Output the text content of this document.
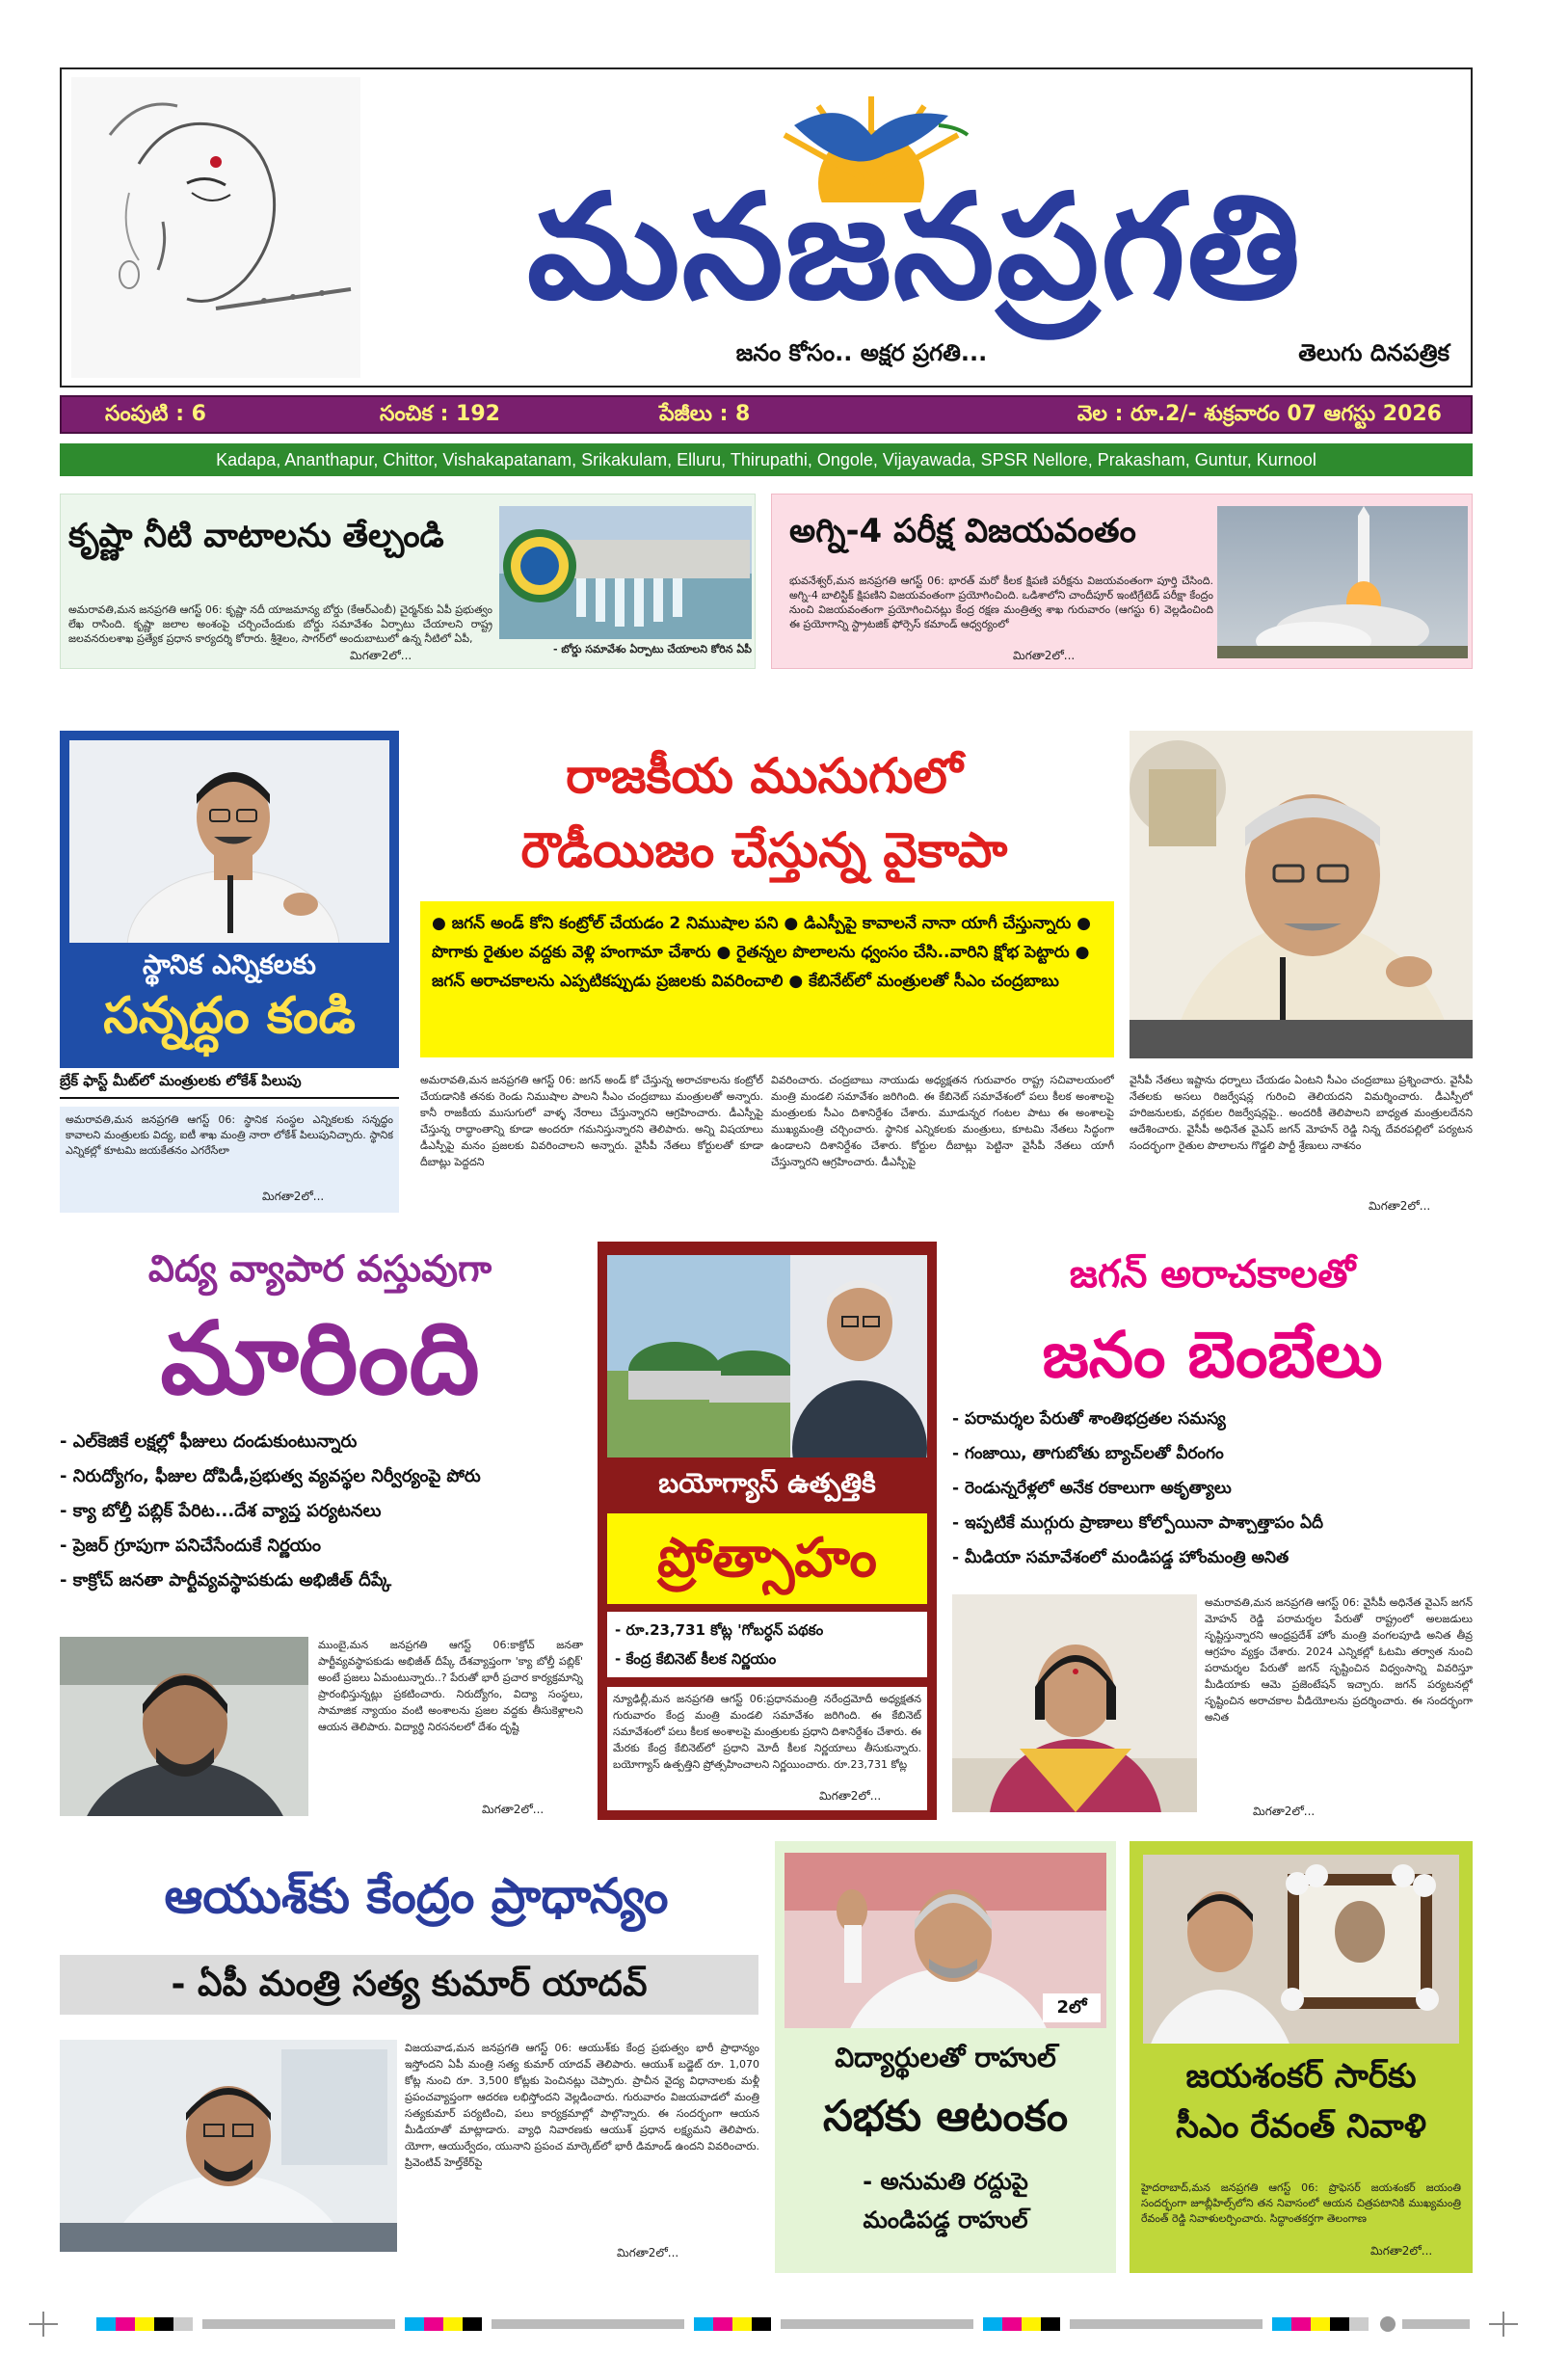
మనజనప్రగతి
జనం కోసం.. అక్షర ప్రగతి...	తెలుగు దినపత్రిక
సంపుటి : 6	సంచిక : 192	పేజీలు : 8	వెల : రూ.2/- శుక్రవారం 07 ఆగస్టు 2026
Kadapa, Ananthapur, Chittor, Vishakapatanam, Srikakulam, Elluru, Thirupathi, Ongole, Vijayawada, SPSR Nellore, Prakasham, Guntur, Kurnool
కృష్ణా నీటి వాటాలను తేల్చండి
అమరావతి,మన జనప్రగతి ఆగస్ట్ 06: కృష్ణా నదీ యాజమాన్య బోర్డు (కేఆర్ఎంబీ) చైర్మన్‌కు ఏపీ ప్రభుత్వం లేఖ రాసింది. కృష్ణా జలాల అంశంపై చర్చించేందుకు బోర్డు సమావేశం ఏర్పాటు చేయాలని రాష్ట్ర జలవనరులశాఖ ప్రత్యేక ప్రధాన కార్యదర్శి కోరారు. శ్రీశైలం, సాగర్‌లో అందుబాటులో ఉన్న నీటిలో ఏపీ,
- బోర్డు సమావేశం ఏర్పాటు చేయాలని కోరిన ఏపీ
మిగతా2లో...
అగ్ని-4 పరీక్ష విజయవంతం
భువనేశ్వర్,మన జనప్రగతి ఆగస్ట్ 06: భారత్ మరో కీలక క్షిపణి పరీక్షను విజయవంతంగా పూర్తి చేసింది. అగ్ని-4 బాలిస్టిక్ క్షిపణిని విజయవంతంగా ప్రయోగించింది. ఒడిశాలోని చాందీపూర్ ఇంటిగ్రేటెడ్ పరీక్షా కేంద్రం నుంచి విజయవంతంగా ప్రయోగించినట్లు కేంద్ర రక్షణ మంత్రిత్వ శాఖ గురువారం (ఆగస్టు 6) వెల్లడించింది ఈ ప్రయోగాన్ని స్ట్రాటజిక్ ఫోర్సెస్ కమాండ్ ఆధ్వర్యంలో
మిగతా2లో...
స్థానిక ఎన్నికలకు
సన్నద్ధం కండి
బ్రేక్ ఫాస్ట్ మీట్‌లో మంత్రులకు లోకేశ్ పిలుపు
అమరావతి,మన జనప్రగతి ఆగస్ట్ 06: స్థానిక సంస్థల ఎన్నికలకు సన్నద్ధం కావాలని మంత్రులకు విద్య, ఐటీ శాఖ మంత్రి నారా లోకేశ్ పిలుపునిచ్చారు. స్థానిక ఎన్నికల్లో కూటమి జయకేతనం ఎగరేసేలా
మిగతా2లో...
రాజకీయ ముసుగులో
రౌడీయిజం చేస్తున్న వైకాపా
● జగన్ అండ్ కోని కంట్రోల్ చేయడం 2 నిముషాల పని ● డిఎస్పీపై కావాలనే నానా యాగీ చేస్తున్నారు ● పొగాకు రైతుల వద్దకు వెళ్లి హంగామా చేశారు ● రైతన్నల పొలాలను ధ్వంసం చేసి..వారిని క్షోభ పెట్టారు ● జగన్ అరాచకాలను ఎప్పటికప్పుడు ప్రజలకు వివరించాలి ● కేబినేట్‌లో మంత్రులతో సీఎం చంద్రబాబు
అమరావతి,మన జనప్రగతి ఆగస్ట్ 06: జగన్ అండ్ కో చేస్తున్న అరాచకాలను కంట్రోల్ చేయడానికి తనకు రెండు నిముషాల పాలని సీఎం చంద్రబాబు మంత్రులతో అన్నారు. కానీ రాజకీయ ముసుగులో వాళ్ళ నేరాలు చేస్తున్నారని ఆగ్రహించారు. డీఎస్పీపై చేస్తున్న రాద్ధాంతాన్ని కూడా అందరూ గమనిస్తున్నారని తెలిపారు. అన్ని విషయాలు డీఎస్పీపై మనం ప్రజలకు వివరించాలని అన్నారు. వైసీపీ నేతలు కోర్టులతో కూడా దీబాట్లు పెద్దదని
వివరించారు. చంద్రబాబు నాయుడు అధ్యక్షతన గురువారం రాష్ట్ర సచివాలయంలో మంత్రి మండలి సమావేశం జరిగింది. ఈ కేబినెట్ సమావేశంలో పలు కీలక అంశాలపై మంత్రులకు సీఎం దిశానిర్దేశం చేశారు. మూడున్నర గంటల పాటు ఈ అంశాలపై ముఖ్యమంత్రి చర్చించారు. స్థానిక ఎన్నికలకు మంత్రులు, కూటమి నేతలు సిద్ధంగా ఉండాలని దిశానిర్దేశం చేశారు. కోర్టుల దీబాట్లు పెట్టినా వైసీపీ నేతలు యాగీ చేస్తున్నారని ఆగ్రహించారు. డీఎస్పీపై
వైసీపీ నేతలు ఇష్టాను ధర్నాలు చేయడం ఏంటని సీఎం చంద్రబాబు ప్రశ్నించారు. వైసీపీ నేతలకు అసలు రిజర్వేషన్ల గురించి తెలియదని విమర్శించారు. డీఎస్పీలో హరిజనులకు, వర్గకుల రిజర్వేషన్లపై.. అందరికీ తెలిపాలని బాధ్యత మంత్రులదేనని ఆదేశించారు. వైసీపీ అధినేత వైఎస్ జగన్ మోహన్ రెడ్డి నిన్న దేవరపల్లిలో పర్యటన సందర్భంగా రైతుల పొలాలను గొడ్డలి పార్టీ శ్రేణులు నాశనం
మిగతా2లో...
విద్య వ్యాపార వస్తువుగా
మారింది
- ఎల్‌కెజికే లక్షల్లో ఫీజులు దండుకుంటున్నారు
- నిరుద్యోగం, ఫీజుల దోపిడీ,ప్రభుత్వ వ్యవస్థల నిర్వీర్యంపై పోరు
- క్యా బోల్తీ పబ్లిక్ పేరిట...దేశ వ్యాప్త పర్యటనలు
- ప్రెజర్ గ్రూపుగా పనిచేసేందుకే నిర్ణయం
- కాక్రోచ్ జనతా పార్టీవ్యవస్థాపకుడు అభిజీత్ దీప్కే
ముంబై,మన జనప్రగతి ఆగస్ట్ 06:కాక్రోచ్ జనతా పార్టీవ్యవస్థాపకుడు అభిజీత్ దీప్కే దేశవ్యాప్తంగా 'క్యా బోల్తీ పబ్లిక్' అంటే ప్రజలు ఏమంటున్నారు..? పేరుతో భారీ ప్రచార కార్యక్రమాన్ని ప్రారంభిస్తున్నట్లు ప్రకటించారు. నిరుద్యోగం, విద్యా సంస్థలు, సామాజిక న్యాయం వంటి అంశాలను ప్రజల వద్దకు తీసుకెళ్లాలని ఆయన తెలిపారు. విద్యార్థి నిరసనలలో దేశం దృష్టి
మిగతా2లో...
బయోగ్యాస్ ఉత్పత్తికి
ప్రోత్సాహం
- రూ.23,731 కోట్ల 'గోబర్ధన్ పథకం
- కేంద్ర కేబినెట్ కీలక నిర్ణయం
న్యూఢిల్లీ,మన జనప్రగతి ఆగస్ట్ 06:ప్రధానమంత్రి నరేంద్రమోదీ అధ్యక్షతన గురువారం కేంద్ర మంత్రి మండలి సమావేశం జరిగింది. ఈ కేబినెట్ సమావేశంలో పలు కీలక అంశాలపై మంత్రులకు ప్రధాని దిశానిర్దేశం చేశారు. ఈ మేరకు కేంద్ర కేబినెట్‌లో ప్రధాని మోదీ కీలక నిర్ణయాలు తీసుకున్నారు. బయోగ్యాస్ ఉత్పత్తిని ప్రోత్సహించాలని నిర్ణయించారు. రూ.23,731 కోట్ల
మిగతా2లో...
జగన్ అరాచకాలతో
జనం బెంబేలు
- పరామర్శల పేరుతో శాంతిభద్రతల సమస్య
- గంజాయి, తాగుబోతు బ్యాచ్‌లతో వీరంగం
- రెండున్నరేళ్లలో అనేక రకాలుగా అకృత్యాలు
- ఇప్పటికే ముగ్గురు ప్రాణాలు కోల్పోయినా పాశ్చాత్తాపం ఏదీ
- మీడియా సమావేశంలో మండిపడ్డ హోంమంత్రి అనిత
అమరావతి,మన జనప్రగతి ఆగస్ట్ 06: వైసీపీ అధినేత వైఎస్ జగన్ మోహన్ రెడ్డి పరామర్శల పేరుతో రాష్ట్రంలో అలజడులు సృష్టిస్తున్నారని ఆంధ్రప్రదేశ్ హోం మంత్రి వంగలపూడి అనిత తీవ్ర ఆగ్రహం వ్యక్తం చేశారు. 2024 ఎన్నికల్లో ఓటమి తర్వాత నుంచి పరామర్శల పేరుతో జగన్ సృష్టించిన విధ్వంసాన్ని వివరిస్తూ మీడియాకు ఆమె ప్రజెంటేషన్ ఇచ్చారు. జగన్ పర్యటనల్లో సృష్టించిన అరాచకాల వీడియోలను ప్రదర్శించారు. ఈ సందర్భంగా అనిత
మిగతా2లో...
ఆయుశ్‌కు కేంద్రం ప్రాధాన్యం
- ఏపీ మంత్రి సత్య కుమార్ యాదవ్
విజయవాడ,మన జనప్రగతి ఆగస్ట్ 06: ఆయుశ్‌కు కేంద్ర ప్రభుత్వం భారీ ప్రాధాన్యం ఇస్తోందని ఏపీ మంత్రి సత్య కుమార్ యాదవ్ తెలిపారు. ఆయుశ్ బడ్జెట్ రూ. 1,070 కోట్ల నుంచి రూ. 3,500 కోట్లకు పెంచినట్లు చెప్పారు. ప్రాచీన వైద్య విధానాలకు మళ్లీ ప్రపంచవ్యాప్తంగా ఆదరణ లభిస్తోందని వెల్లడించారు. గురువారం విజయవాడలో మంత్రి సత్యకుమార్ పర్యటించి, పలు కార్యక్రమాల్లో పాల్గొన్నారు. ఈ సందర్భంగా ఆయన మీడియాతో మాట్లాడారు. వ్యాధి నివారణకు ఆయుశ్ ప్రధాన లక్ష్యమని తెలిపారు. యోగా, ఆయుర్వేదం, యునాని ప్రపంచ మార్కెట్‌లో భారీ డిమాండ్ ఉందని వివరించారు. ప్రివెంటివ్ హెల్త్‌కేర్‌పై
మిగతా2లో...
2లో
విద్యార్థులతో రాహుల్
సభకు ఆటంకం
- అనుమతి రద్దుపై
మండిపడ్డ రాహుల్
జయశంకర్ సార్‌కు
సీఎం రేవంత్ నివాళి
హైదరాబాద్,మన జనప్రగతి ఆగస్ట్ 06: ప్రొఫెసర్ జయశంకర్ జయంతి సందర్భంగా జూబ్లీహిల్స్‌లోని తన నివాసంలో ఆయన చిత్రపటానికి ముఖ్యమంత్రి రేవంత్ రెడ్డి నివాళులర్పించారు. సిద్ధాంతకర్తగా తెలంగాణ
మిగతా2లో...
